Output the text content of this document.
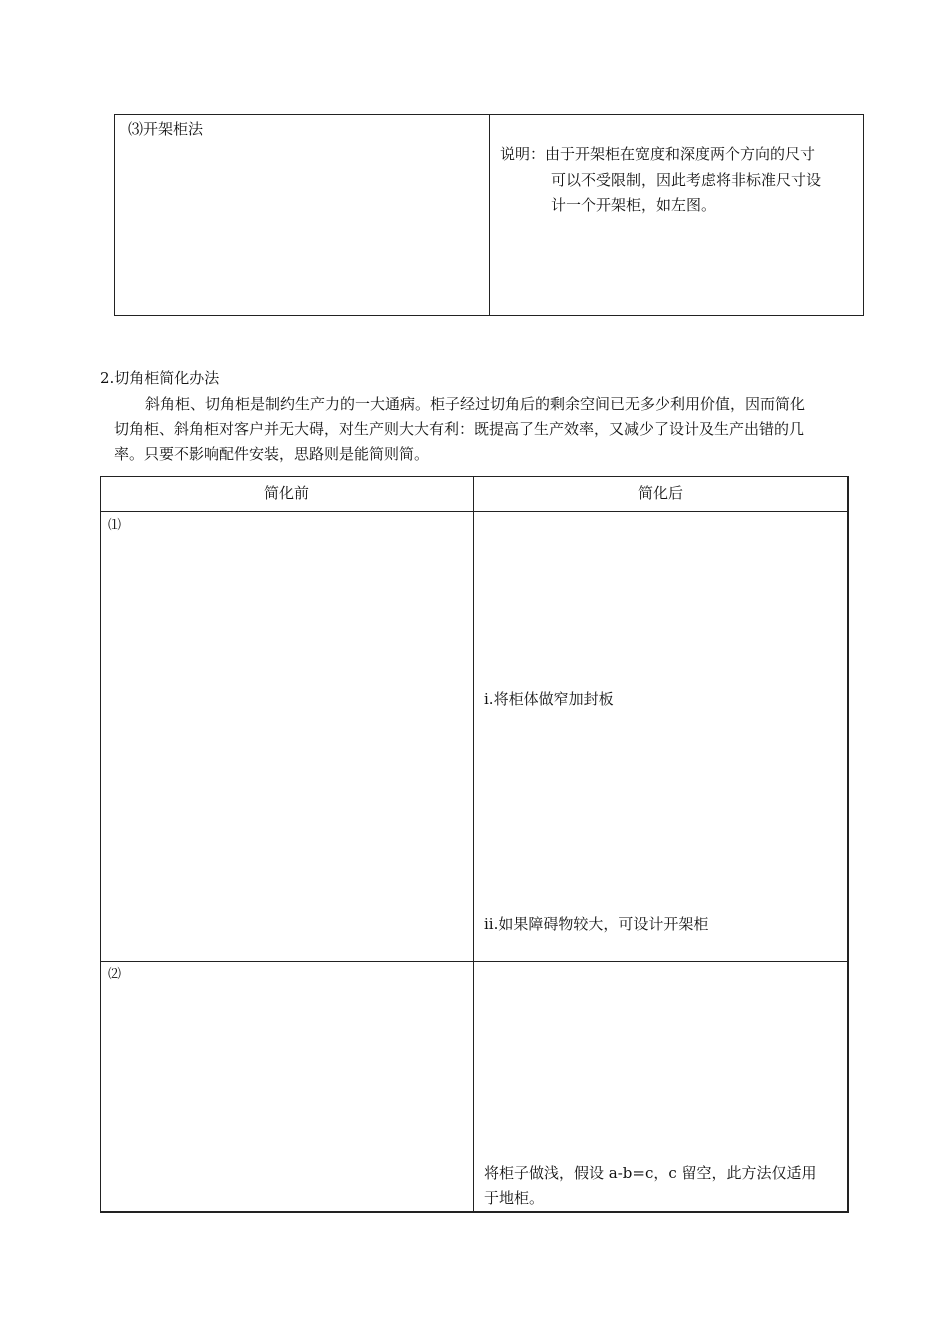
⑶开架柜法
说明：由于开架柜在宽度和深度两个方向的尺寸
可以不受限制，因此考虑将非标准尺寸设
计一个开架柜，如左图。
2.切角柜简化办法
斜角柜、切角柜是制约生产力的一大通病。柜子经过切角后的剩余空间已无多少利用价值，因而简化
切角柜、斜角柜对客户并无大碍，对生产则大大有利：既提高了生产效率，又减少了设计及生产出错的几
率。只要不影响配件安装，思路则是能简则简。
简化前	简化后
⑴
i.将柜体做窄加封板
ii.如果障碍物较大，可设计开架柜
⑵
将柜子做浅，假设 a-b=c，c 留空，此方法仅适用
于地柜。
